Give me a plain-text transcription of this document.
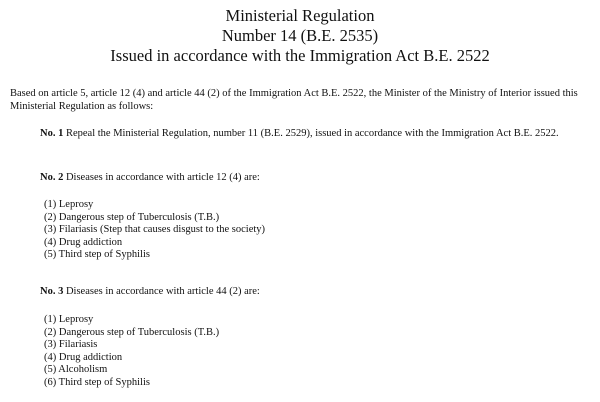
Ministerial Regulation

Number 14 (B.E. 2535)

Issued in accordance with the Immigration Act B.E. 2522

Based on article 5, article 12 (4) and article 44 (2) of the Immigration Act B.E. 2522, the Minister of the Ministry of Interior issued this Ministerial Regulation as follows:

No. 1 Repeal the Ministerial Regulation, number 11 (B.E. 2529), issued in accordance with the Immigration Act B.E. 2522.

No. 2 Diseases in accordance with article 12 (4) are:

(1) Leprosy
(2) Dangerous step of Tuberculosis (T.B.)
(3) Filariasis (Step that causes disgust to the society)
(4) Drug addiction
(5) Third step of Syphilis

No. 3 Diseases in accordance with article 44 (2) are:

(1) Leprosy
(2) Dangerous step of Tuberculosis (T.B.)
(3) Filariasis
(4) Drug addiction
(5) Alcoholism
(6) Third step of Syphilis
